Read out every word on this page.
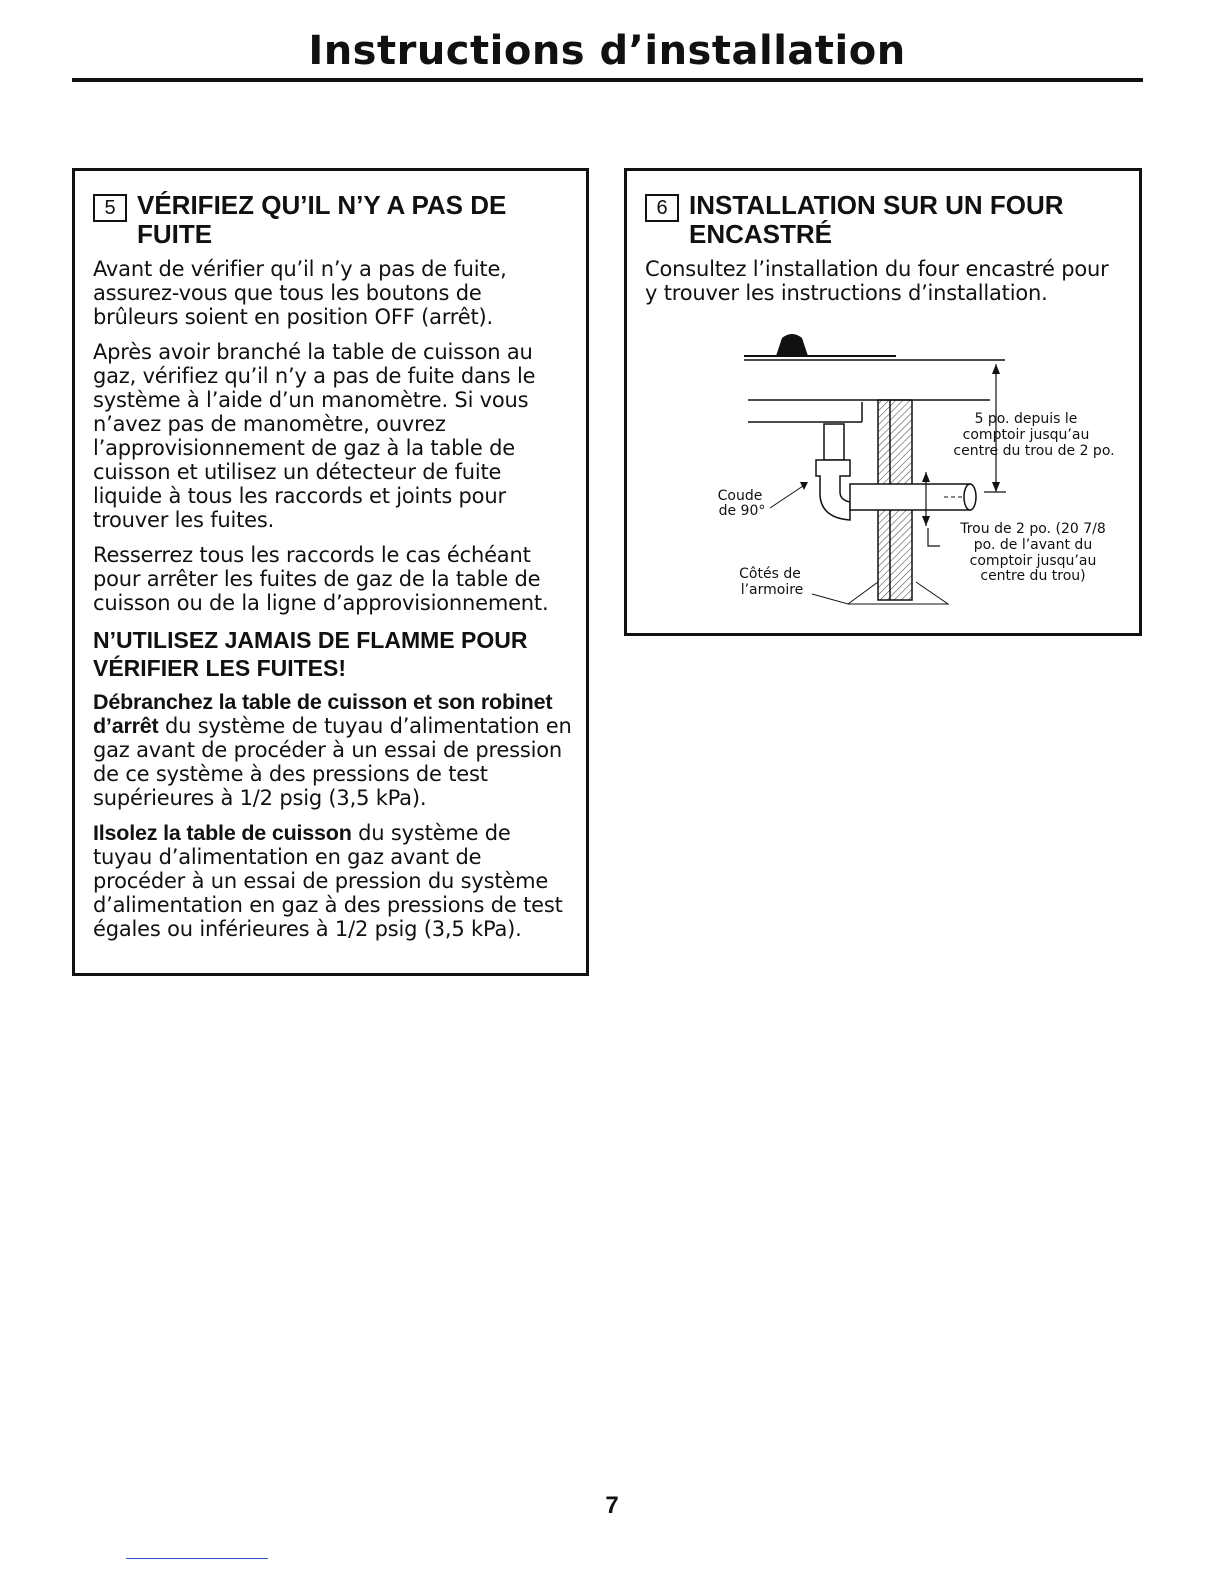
Instructions d’installation
5 VÉRIFIEZ QU’IL N’Y A PAS DE FUITE

Avant de vérifier qu’il n’y a pas de fuite, assurez-vous que tous les boutons de brûleurs soient en position OFF (arrêt).

Après avoir branché la table de cuisson au gaz, vérifiez qu’il n’y a pas de fuite dans le système à l’aide d’un manomètre. Si vous n’avez pas de manomètre, ouvrez l’approvisionnement de gaz à la table de cuisson et utilisez un détecteur de fuite liquide à tous les raccords et joints pour trouver les fuites.

Resserrez tous les raccords le cas échéant pour arrêter les fuites de gaz de la table de cuisson ou de la ligne d’approvisionnement.

N’UTILISEZ JAMAIS DE FLAMME POUR VÉRIFIER LES FUITES!

Débranchez la table de cuisson et son robinet d’arrêt du système de tuyau d’alimentation en gaz avant de procéder à un essai de pression de ce système à des pressions de test supérieures à 1/2 psig (3,5 kPa).

Ilsolez la table de cuisson du système de tuyau d’alimentation en gaz avant de procéder à un essai de pression du système d’alimentation en gaz à des pressions de test égales ou inférieures à 1/2 psig (3,5 kPa).

6 INSTALLATION SUR UN FOUR ENCASTRÉ

Consultez l’installation du four encastré pour y trouver les instructions d’installation.

5 po. depuis le
comptoir jusqu’au
centre du trou de 2 po.
Coude
de 90°
Trou de 2 po. (20 7/8
po. de l’avant du
comptoir jusqu’au
centre du trou)
Côtés de
l’armoire
7
